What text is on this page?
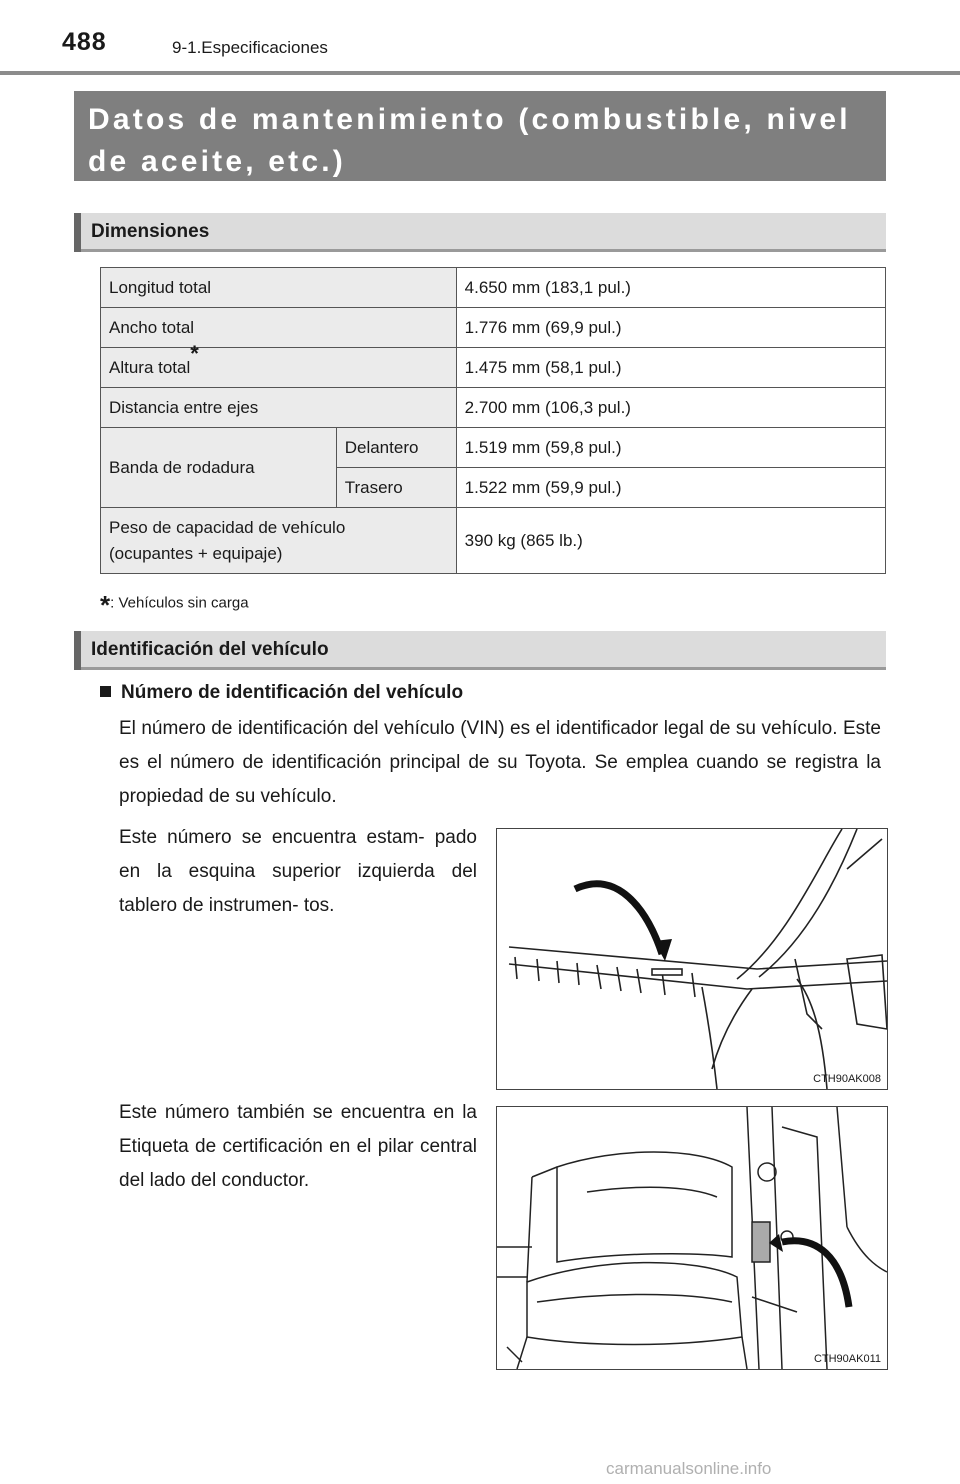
488	9-1.Especificaciones
Datos de mantenimiento (combustible, nivel
de aceite, etc.)
Dimensiones
Longitud total		4.650 mm (183,1 pul.)
Ancho total		1.776 mm (69,9 pul.)
Altura total*		1.475 mm (58,1 pul.)
Distancia entre ejes		2.700 mm (106,3 pul.)
Banda de rodadura	Delantero	1.519 mm (59,8 pul.)
	Trasero	1.522 mm (59,9 pul.)
Peso de capacidad de vehículo
(ocupantes + equipaje)		390 kg (865 lb.)
*: Vehículos sin carga
Identificación del vehículo
Número de identificación del vehículo
El número de identificación del vehículo (VIN) es el identificador legal de su vehículo. Este es el número de identificación principal de su Toyota. Se emplea cuando se registra la propiedad de su vehículo.
Este número se encuentra estam- pado en la esquina superior izquierda del tablero de instrumen- tos.
Este número también se encuentra en la Etiqueta de certificación en el pilar central del lado del conductor.
CTH90AK008
CTH90AK011
carmanualsonline.info
